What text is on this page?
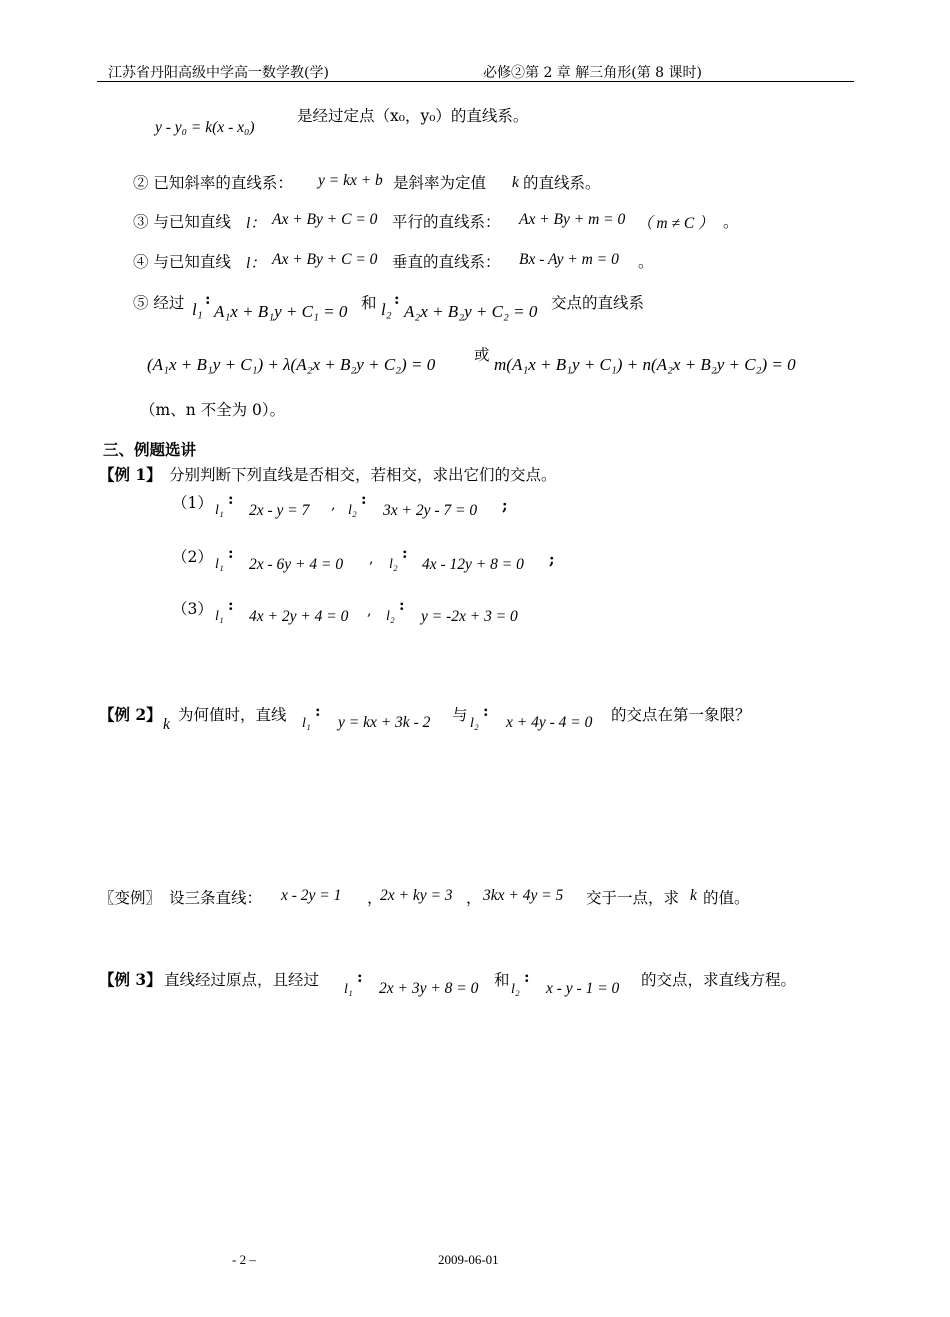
江苏省丹阳高级中学高一数学教(学)	必修②第 2 章 解三角形(第 8 课时)
y - y₀ = k(x - x₀)
是经过定点（x₀，y₀）的直线系。
② 已知斜率的直线系： y = kx + b 是斜率为定值 k 的直线系。
③ 与已知直线 l： Ax + By + C = 0 平行的直线系： Ax + By + m = 0 （ m ≠ C ） 。
④ 与已知直线 l： Ax + By + C = 0 垂直的直线系： Bx - Ay + m = 0 。
⑤ 经过 l₁
:
A₁x + B₁y + C₁ = 0 和 l₂
:
A₂x + B₂y + C₂ = 0 交点的直线系
(A₁x + B₁y + C₁) + λ(A₂x + B₂y + C₂) = 0	或 m(A₁x + B₁y + C₁) + n(A₂x + B₂y + C₂) = 0
（m、n 不全为 0）。
三、例题选讲
【例 1】 分别判断下列直线是否相交，若相交，求出它们的交点。
（1） l₁
:
2x - y = 7 , l₂
:
3x + 2y - 7 = 0 ;
（2） l₁
:
2x - 6y + 4 = 0 , l₂
:
4x - 12y + 8 = 0 ;
（3） l₁
:
4x + 2y + 4 = 0 , l₂
:
y = -2x + 3 = 0
【例 2】
k
为何值时，直线 l₁
:
y = kx + 3k - 2 与 l₂
:
x + 4y - 4 = 0 的交点在第一象限？
〖变例〗 设三条直线： x - 2y = 1 ，
2x + ky = 3 ， 3kx + 4y = 5 交于一点，求 k 的值。
【例 3】 直线经过原点，且经过
l₁
:
2x + 3y + 8 = 0 和
l₂
:
x - y - 1 = 0 的交点，求直线方程。
- 2 –	2009-06-01
